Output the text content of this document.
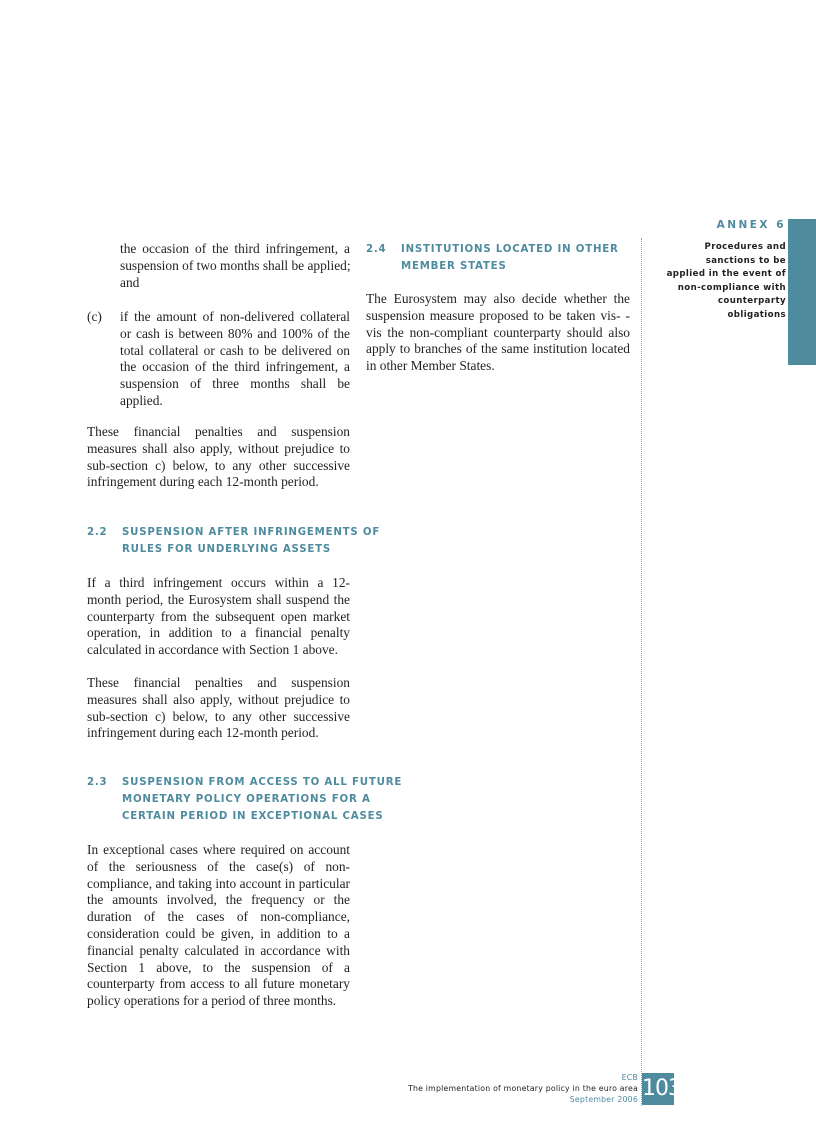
ANNEX 6
Procedures and
sanctions to be
applied in the event of
non-compliance with
counterparty
obligations
the occasion of the third infringement, a
suspension of two months shall be applied;
and
(c) if the amount of non-delivered collateral
or cash is between 80% and 100% of the
total collateral or cash to be delivered on
the occasion of the third infringement, a
suspension of three months shall be
applied.
These financial penalties and suspension
measures shall also apply, without prejudice to
sub-section c) below, to any other successive
infringement during each 12-month period.
2.2 SUSPENSION AFTER INFRINGEMENTS OF
RULES FOR UNDERLYING ASSETS
If a third infringement occurs within a 12-
month period, the Eurosystem shall suspend the
counterparty from the subsequent open market
operation, in addition to a financial penalty
calculated in accordance with Section 1 above.
These financial penalties and suspension
measures shall also apply, without prejudice to
sub-section c) below, to any other successive
infringement during each 12-month period.
2.3 SUSPENSION FROM ACCESS TO ALL FUTURE
MONETARY POLICY OPERATIONS FOR A
CERTAIN PERIOD IN EXCEPTIONAL CASES
In exceptional cases where required on account
of the seriousness of the case(s) of non-
compliance, and taking into account in particular
the amounts involved, the frequency or the
duration of the cases of non-compliance,
consideration could be given, in addition to a
financial penalty calculated in accordance with
Section 1 above, to the suspension of a
counterparty from access to all future monetary
policy operations for a period of three months.
2.4 INSTITUTIONS LOCATED IN OTHER
MEMBER STATES
The Eurosystem may also decide whether the
suspension measure proposed to be taken vis- -
vis the non-compliant counterparty should also
apply to branches of the same institution located
in other Member States.
ECB
The implementation of monetary policy in the euro area
September 2006 103
